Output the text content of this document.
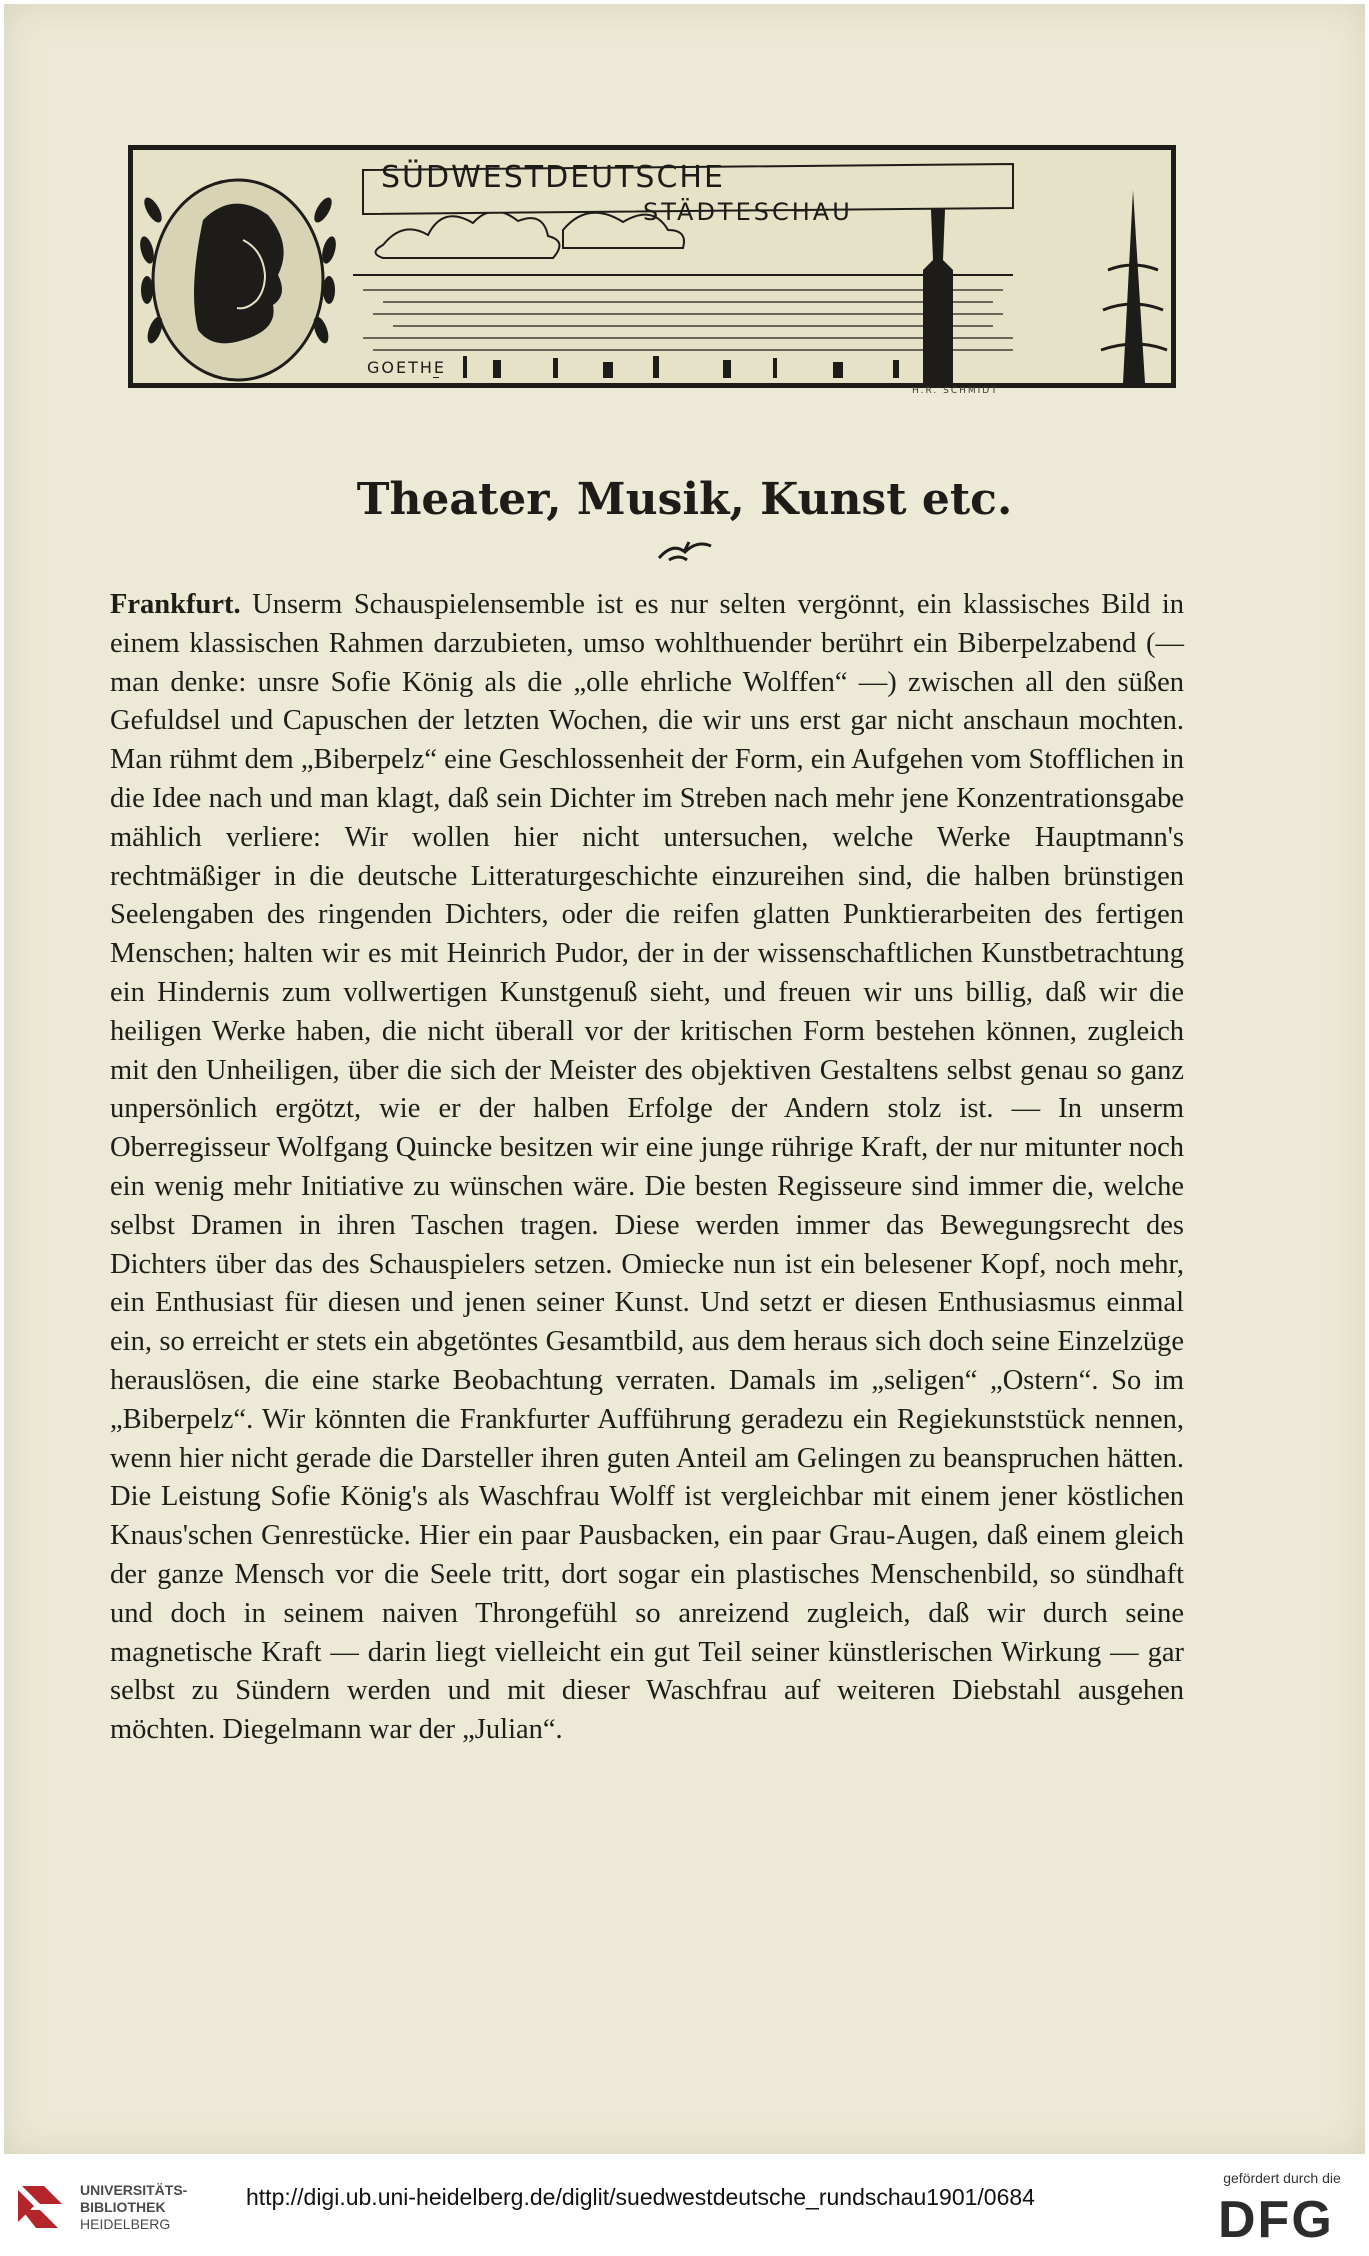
SÜDWESTDEUTSCHE
STÄDTESCHAU
GOETHE
H.R. SCHMIDT
Theater, Musik, Kunst etc.

Frankfurt. Unserm Schauspielensemble ist es nur selten vergönnt, ein klassisches Bild in einem klassischen Rahmen darzubieten, umso wohlthuender berührt ein Biberpelzabend (— man denke: unsre Sofie König als die „olle ehrliche Wolffen“ —) zwischen all den süßen Gefuldsel und Capuschen der letzten Wochen, die wir uns erst gar nicht anschaun mochten. Man rühmt dem „Biberpelz“ eine Geschlossenheit der Form, ein Aufgehen vom Stofflichen in die Idee nach und man klagt, daß sein Dichter im Streben nach mehr jene Konzentrationsgabe mählich verliere: Wir wollen hier nicht untersuchen, welche Werke Hauptmann's rechtmäßiger in die deutsche Litteraturgeschichte einzureihen sind, die halben brünstigen Seelengaben des ringenden Dichters, oder die reifen glatten Punktierarbeiten des fertigen Menschen; halten wir es mit Heinrich Pudor, der in der wissenschaftlichen Kunstbetrachtung ein Hindernis zum vollwertigen Kunstgenuß sieht, und freuen wir uns billig, daß wir die heiligen Werke haben, die nicht überall vor der kritischen Form bestehen können, zugleich mit den Unheiligen, über die sich der Meister des objektiven Gestaltens selbst genau so ganz unpersönlich ergötzt, wie er der halben Erfolge der Andern stolz ist. — In unserm Oberregisseur Wolfgang Quincke besitzen wir eine junge rührige Kraft, der nur mitunter noch ein wenig mehr Initiative zu wünschen wäre. Die besten Regisseure sind immer die, welche selbst Dramen in ihren Taschen tragen. Diese werden immer das Bewegungsrecht des Dichters über das des Schauspielers setzen. Omiecke nun ist ein belesener Kopf, noch mehr, ein Enthusiast für diesen und jenen seiner Kunst. Und setzt er diesen Enthusiasmus einmal ein, so erreicht er stets ein abgetöntes Gesamtbild, aus dem heraus sich doch seine Einzelzüge herauslösen, die eine starke Beobachtung verraten. Damals im „seligen“ „Ostern“. So im „Biberpelz“. Wir könnten die Frankfurter Aufführung geradezu ein Regiekunststück nennen, wenn hier nicht gerade die Darsteller ihren guten Anteil am Gelingen zu beanspruchen hätten. Die Leistung Sofie König's als Waschfrau Wolff ist vergleichbar mit einem jener köstlichen Knaus'schen Genrestücke. Hier ein paar Pausbacken, ein paar Grau-Augen, daß einem gleich der ganze Mensch vor die Seele tritt, dort sogar ein plastisches Menschenbild, so sündhaft und doch in seinem naiven Throngefühl so anreizend zugleich, daß wir durch seine magnetische Kraft — darin liegt vielleicht ein gut Teil seiner künstlerischen Wirkung — gar selbst zu Sündern werden und mit dieser Waschfrau auf weiteren Diebstahl ausgehen möchten. Diegelmann war der „Julian“.

UNIVERSITÄTS-
BIBLIOTHEK
HEIDELBERG
http://digi.ub.uni-heidelberg.de/diglit/suedwestdeutsche_rundschau1901/0684
gefördert durch die
DFG
